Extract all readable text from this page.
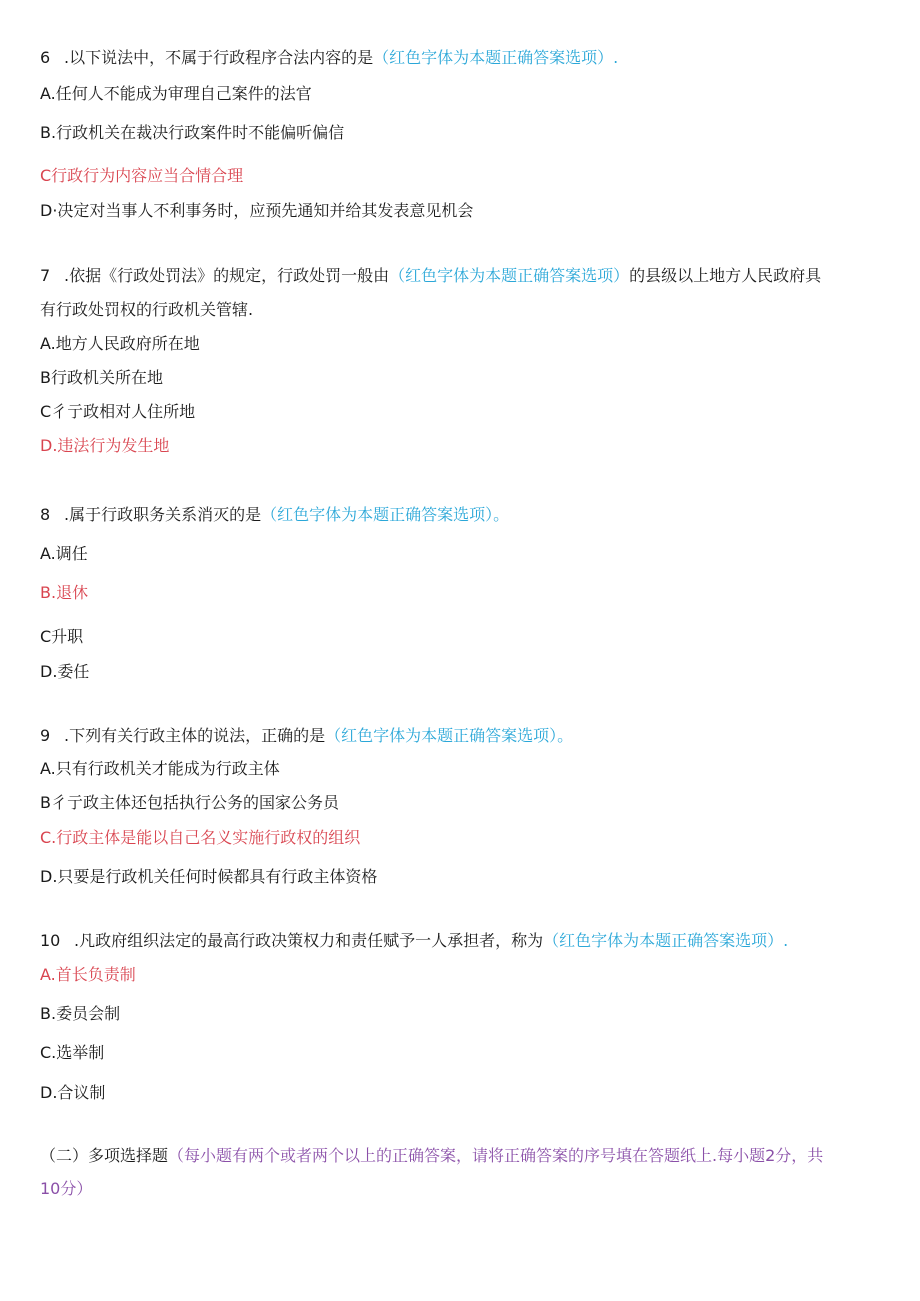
6 .以下说法中，不属于行政程序合法内容的是（红色字体为本题正确答案选项）.
A.任何人不能成为审理自己案件的法官
B.行政机关在裁决行政案件时不能偏听偏信
C行政行为内容应当合情合理
D·决定对当事人不利事务时，应预先通知并给其发表意见机会
7 .依据《行政处罚法》的规定，行政处罚一般由（红色字体为本题正确答案选项）的县级以上地方人民政府具
有行政处罚权的行政机关管辖.
A.地方人民政府所在地
B行政机关所在地
C彳亍政相对人住所地
D.违法行为发生地
8 .属于行政职务关系消灭的是（红色字体为本题正确答案选项）。
A.调任
B.退休
C升职
D.委任
9 .下列有关行政主体的说法，正确的是（红色字体为本题正确答案选项）。
A.只有行政机关才能成为行政主体
B彳亍政主体还包括执行公务的国家公务员
C.行政主体是能以自己名义实施行政权的组织
D.只要是行政机关任何时候都具有行政主体资格
10 .凡政府组织法定的最高行政决策权力和责任赋予一人承担者，称为（红色字体为本题正确答案选项）.
A.首长负责制
B.委员会制
C.选举制
D.合议制
（二）多项选择题（每小题有两个或者两个以上的正确答案，请将正确答案的序号填在答题纸上.每小题2分，共
10分）
